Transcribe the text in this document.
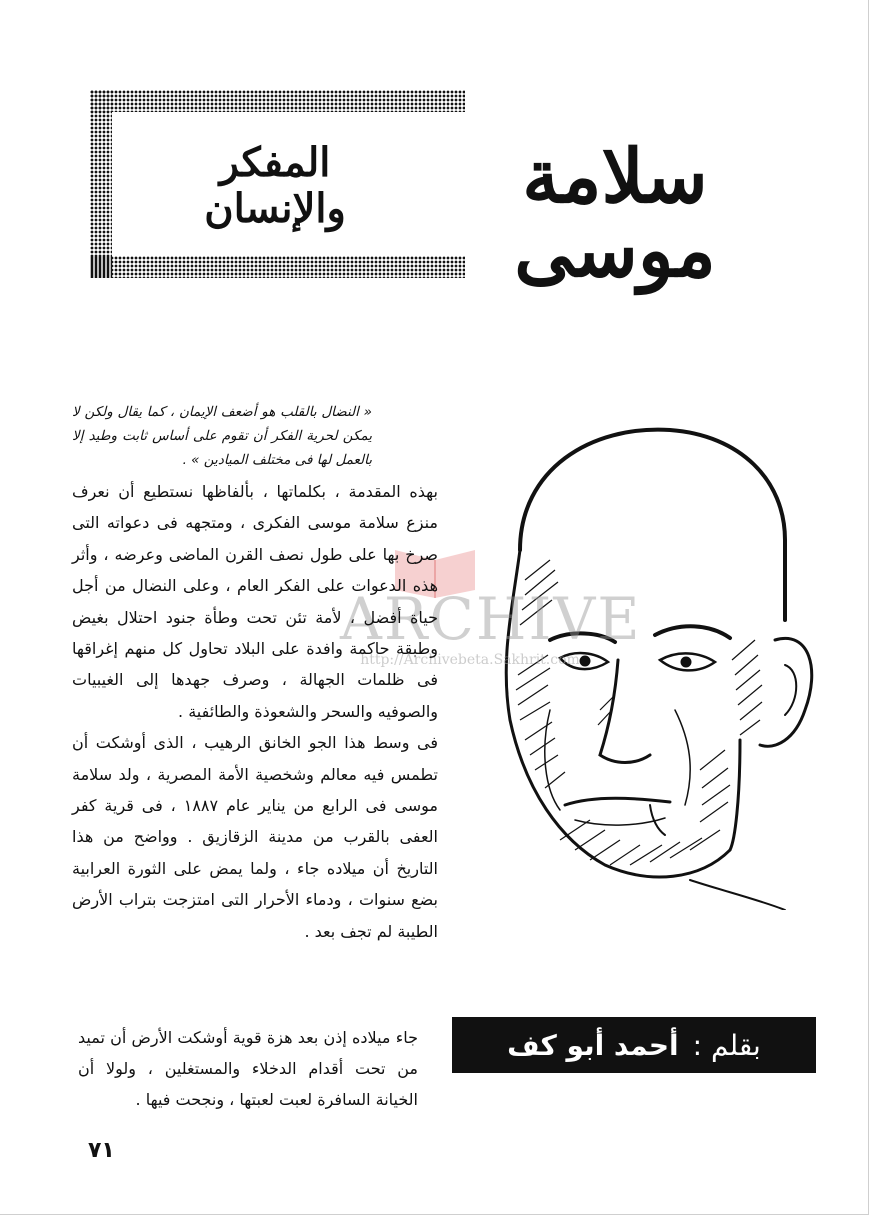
سلامة موسى
المفكر
والإنسان
ARCHIVE
http://Archivebeta.Sakhrit.com
« النضال بالقلب هو أضعف الإيمان ، كما يقال ولكن لا يمكن لحرية الفكر أن تقوم على أساس ثابت وطيد إلا بالعمل لها فى مختلف الميادين » .

بهذه المقدمة ، بكلماتها ، بألفاظها نستطيع أن نعرف منزع سلامة موسى الفكرى ، ومتجهه فى دعواته التى صرخ بها على طول نصف القرن الماضى وعرضه ، وأثر هذه الدعوات على الفكر العام ، وعلى النضال من أجل حياة أفضل ، لأمة تئن تحت وطأة جنود احتلال بغيض وطبقة حاكمة وافدة على البلاد تحاول كل منهم إغراقها فى ظلمات الجهالة ، وصرف جهدها إلى الغيبيات والصوفيه والسحر والشعوذة والطائفية .

فى وسط هذا الجو الخانق الرهيب ، الذى أوشكت أن تطمس فيه معالم وشخصية الأمة المصرية ، ولد سلامة موسى فى الرابع من يناير عام ١٨٨٧ ، فى قرية كفر العفى بالقرب من مدينة الزقازيق . وواضح من هذا التاريخ أن ميلاده جاء ، ولما يمض على الثورة العرابية بضع سنوات ، ودماء الأحرار التى امتزجت بتراب الأرض الطيبة لم تجف بعد .

جاء ميلاده إذن بعد هزة قوية أوشكت الأرض أن تميد من تحت أقدام الدخلاء والمستغلين ، ولولا أن الخيانة السافرة لعبت لعبتها ، ونجحت فيها .

بقلم :
أحمد أبو كف
٧١
